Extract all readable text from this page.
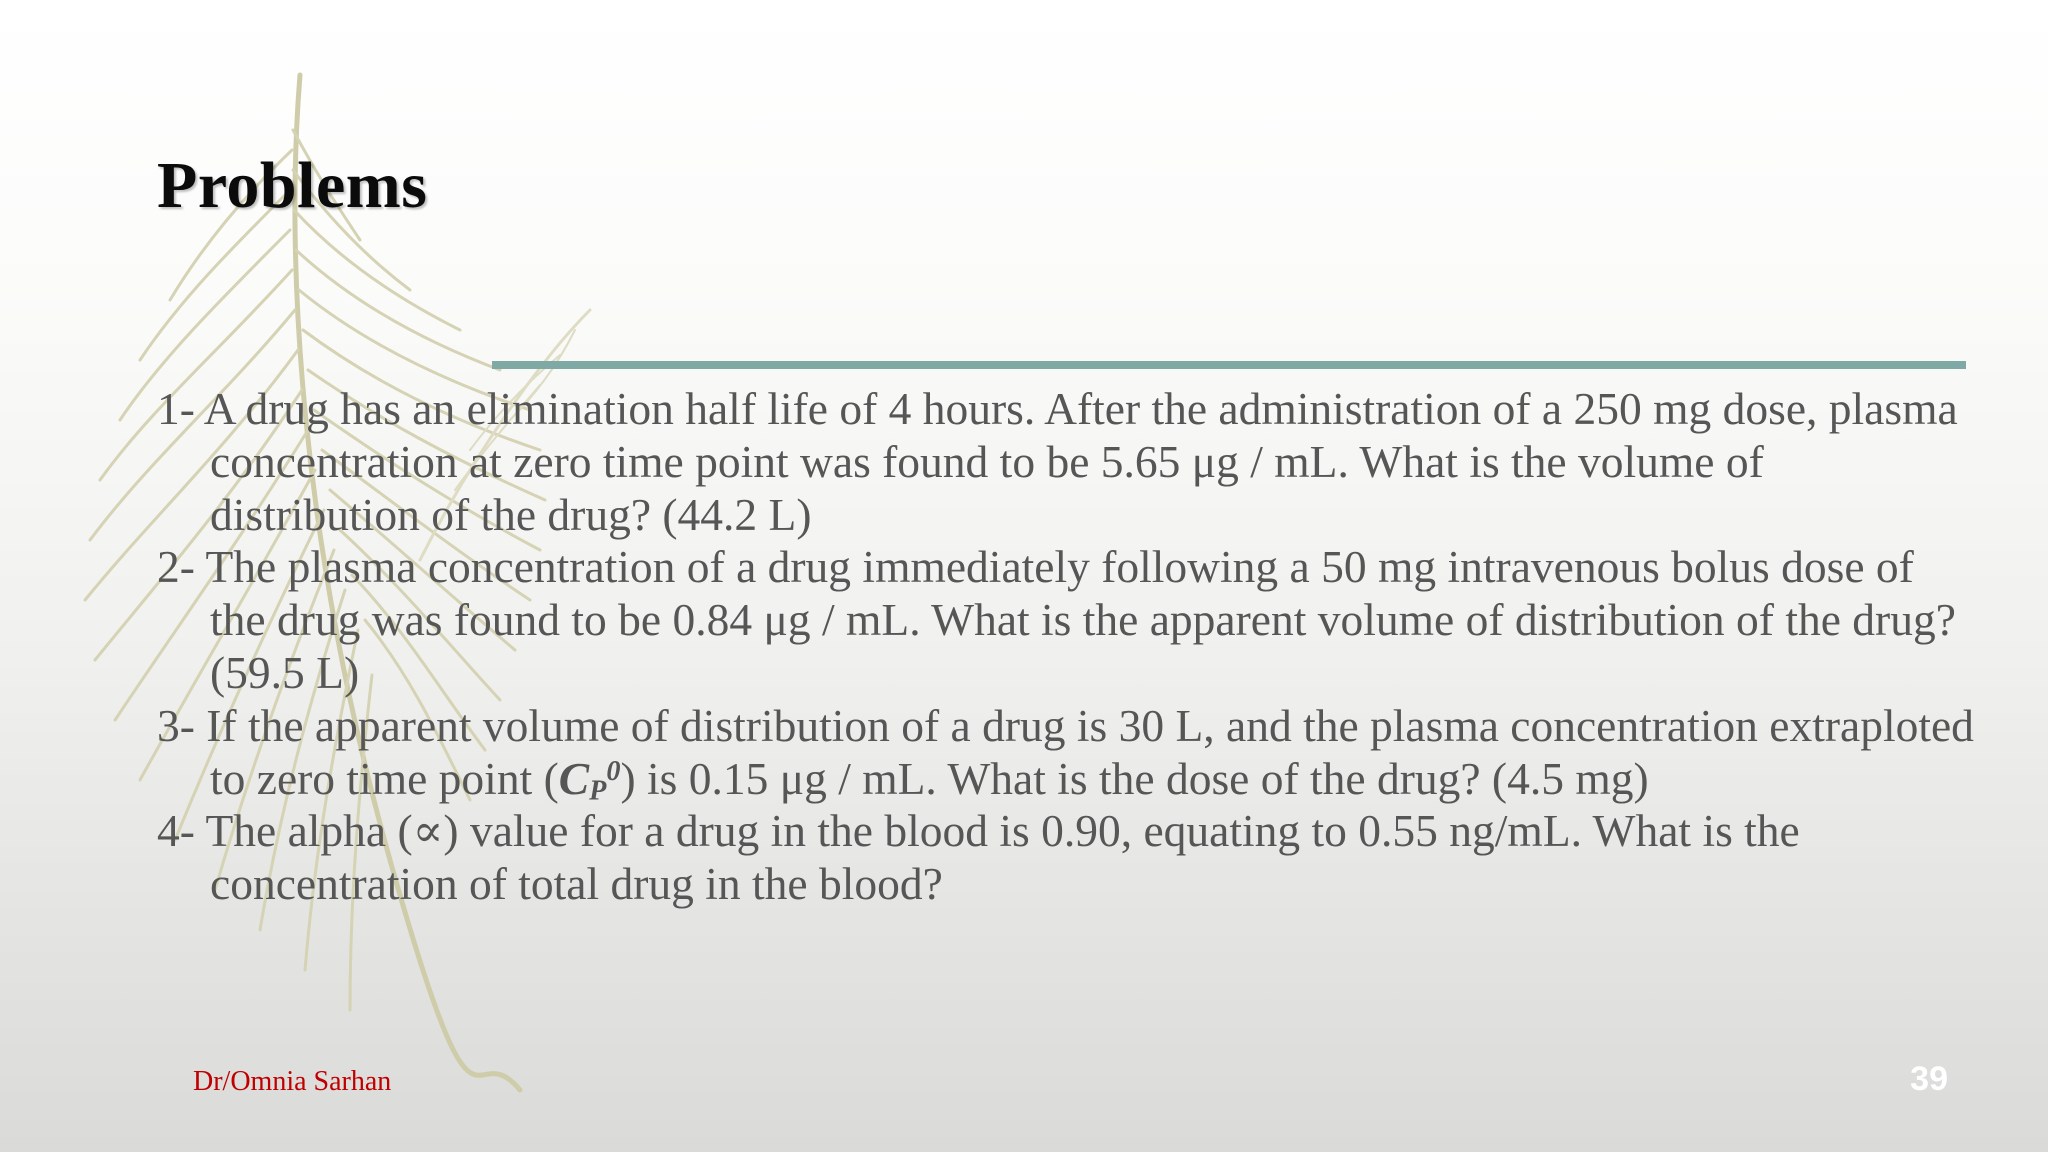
Problems
1- A drug has an elimination half life of 4 hours. After the administration of a 250 mg dose, plasma concentration at zero time point was found to be 5.65 μg / mL. What is the volume of distribution of the drug? (44.2 L)
2- The plasma concentration of a drug immediately following a 50 mg intravenous bolus dose of the drug was found to be 0.84 μg / mL. What is the apparent volume of distribution of the drug? (59.5 L)
3- If the apparent volume of distribution of a drug is 30 L, and the plasma concentration extraploted to zero time point $(C_P^0)$ is 0.15 μg / mL. What is the dose of the drug? (4.5 mg)
4- The alpha (∝) value for a drug in the blood is 0.90, equating to 0.55 ng/mL. What is the concentration of total drug in the blood?
Dr/Omnia Sarhan	39
